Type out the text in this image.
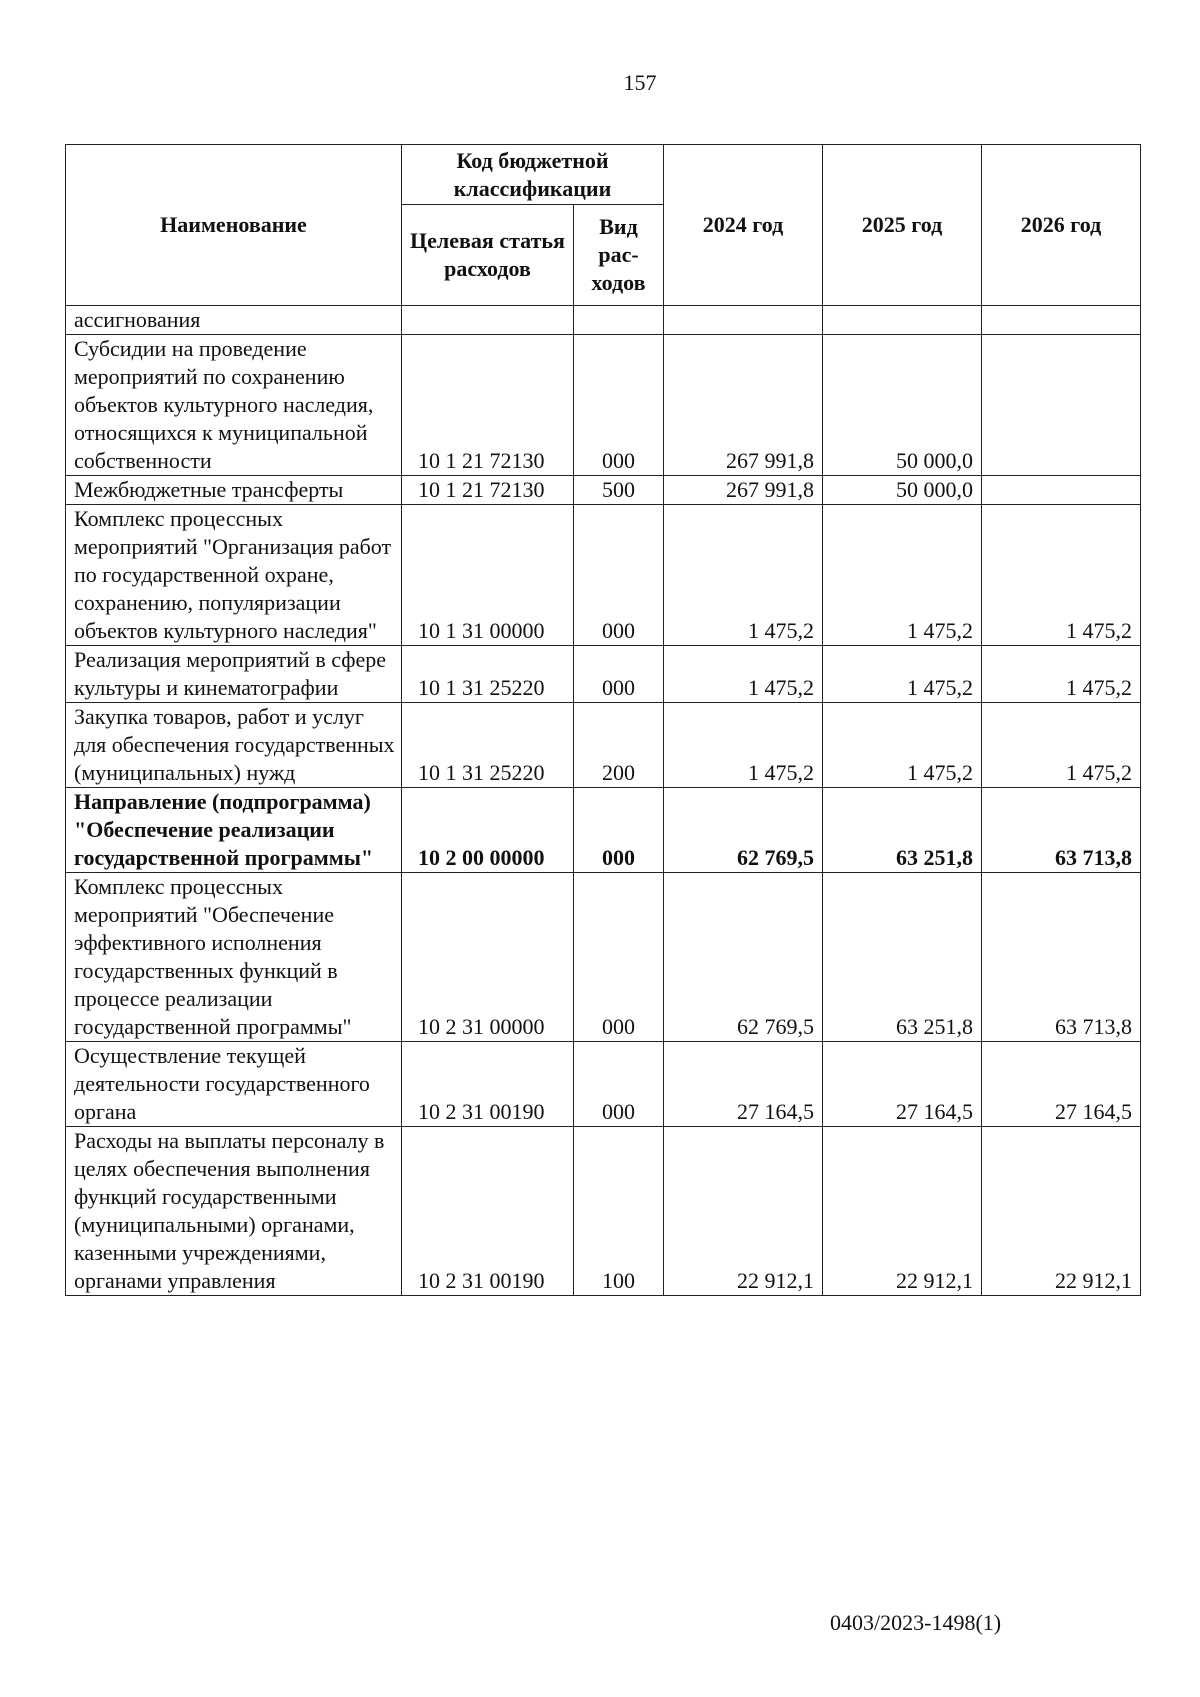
157
Наименование	Код бюджетной классификации		2024 год	2025 год	2026 год
	Целевая статья расходов	Вид рас-ходов			
ассигнования					
Субсидии на проведение мероприятий по сохранению объектов культурного наследия, относящихся к муниципальной собственности	10 1 21 72130	000	267 991,8	50 000,0	
Межбюджетные трансферты	10 1 21 72130	500	267 991,8	50 000,0	
Комплекс процессных мероприятий "Организация работ по государственной охране, сохранению, популяризации объектов культурного наследия"	10 1 31 00000	000	1 475,2	1 475,2	1 475,2
Реализация мероприятий в сфере культуры и кинематографии	10 1 31 25220	000	1 475,2	1 475,2	1 475,2
Закупка товаров, работ и услуг для обеспечения государственных (муниципальных) нужд	10 1 31 25220	200	1 475,2	1 475,2	1 475,2
Направление (подпрограмма) "Обеспечение реализации государственной программы"	10 2 00 00000	000	62 769,5	63 251,8	63 713,8
Комплекс процессных мероприятий "Обеспечение эффективного исполнения государственных функций в процессе реализации государственной программы"	10 2 31 00000	000	62 769,5	63 251,8	63 713,8
Осуществление текущей деятельности государственного органа	10 2 31 00190	000	27 164,5	27 164,5	27 164,5
Расходы на выплаты персоналу в целях обеспечения выполнения функций государственными (муниципальными) органами, казенными учреждениями, органами управления	10 2 31 00190	100	22 912,1	22 912,1	22 912,1
0403/2023-1498(1)
